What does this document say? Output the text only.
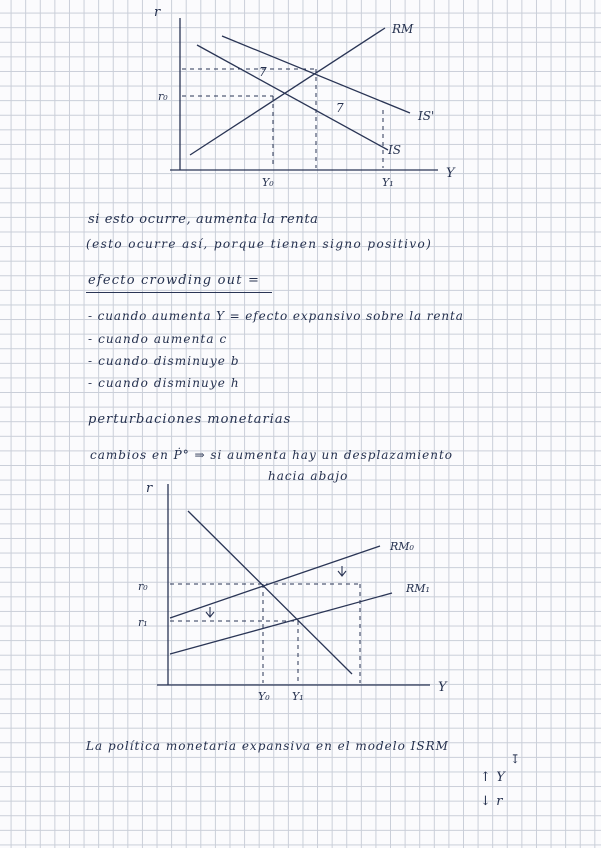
r
Y
r₀
Y₀	Y₁
RM
IS'
IS
7
7
si esto ocurre, aumenta la renta
(esto ocurre así, porque tienen signo positivo)
efecto crowding out =
- cuando aumenta Y = efecto expansivo sobre la renta
- cuando aumenta c
- cuando disminuye b
- cuando disminuye h
perturbaciones monetarias
cambios en Ṗ° ⇒ si aumenta hay un desplazamiento
hacia abajo
r
Y
r₀
r₁
Y₀ Y₁
RM₀
RM₁
La política monetaria expansiva en el modelo ISRM
↧
↑ Y
↓ r
